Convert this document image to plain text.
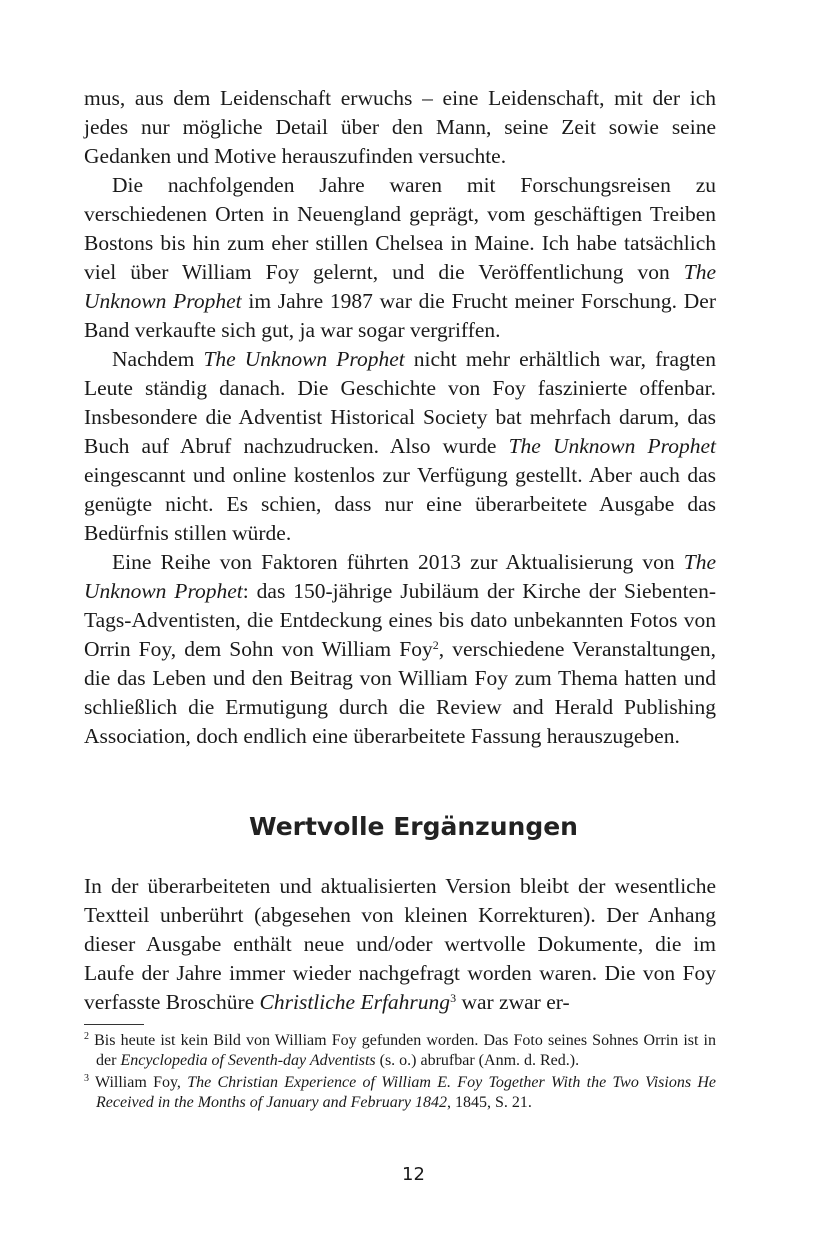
mus, aus dem Leidenschaft erwuchs – eine Leidenschaft, mit der ich jedes nur mögliche Detail über den Mann, seine Zeit sowie seine Gedanken und Motive herauszufinden versuchte.

Die nachfolgenden Jahre waren mit Forschungsreisen zu verschiedenen Orten in Neuengland geprägt, vom geschäftigen Treiben Bostons bis hin zum eher stillen Chelsea in Maine. Ich habe tatsächlich viel über William Foy gelernt, und die Veröffentlichung von The Unknown Prophet im Jahre 1987 war die Frucht meiner Forschung. Der Band verkaufte sich gut, ja war sogar vergriffen.

Nachdem The Unknown Prophet nicht mehr erhältlich war, fragten Leute ständig danach. Die Geschichte von Foy faszinierte offenbar. Insbesondere die Adventist Historical Society bat mehrfach darum, das Buch auf Abruf nachzudrucken. Also wurde The Unknown Prophet eingescannt und online kostenlos zur Verfügung gestellt. Aber auch das genügte nicht. Es schien, dass nur eine überarbeitete Ausgabe das Bedürfnis stillen würde.

Eine Reihe von Faktoren führten 2013 zur Aktualisierung von The Unknown Prophet: das 150-jährige Jubiläum der Kirche der Siebenten-Tags-Adventisten, die Entdeckung eines bis dato unbekannten Fotos von Orrin Foy, dem Sohn von William Foy$^2$, verschiedene Veranstaltungen, die das Leben und den Beitrag von William Foy zum Thema hatten und schließlich die Ermutigung durch die Review and Herald Publishing Association, doch endlich eine überarbeitete Fassung herauszugeben.

Wertvolle Ergänzungen

In der überarbeiteten und aktualisierten Version bleibt der wesentliche Textteil unberührt (abgesehen von kleinen Korrekturen). Der Anhang dieser Ausgabe enthält neue und/oder wertvolle Dokumente, die im Laufe der Jahre immer wieder nachgefragt worden waren. Die von Foy verfasste Broschüre Christliche Erfahrung$^3$ war zwar er-

$^2$ Bis heute ist kein Bild von William Foy gefunden worden. Das Foto seines Sohnes Orrin ist in der Encyclopedia of Seventh-day Adventists (s. o.) abrufbar (Anm. d. Red.).

$^3$ William Foy, The Christian Experience of William E. Foy Together With the Two Visions He Received in the Months of January and February 1842, 1845, S. 21.

12
